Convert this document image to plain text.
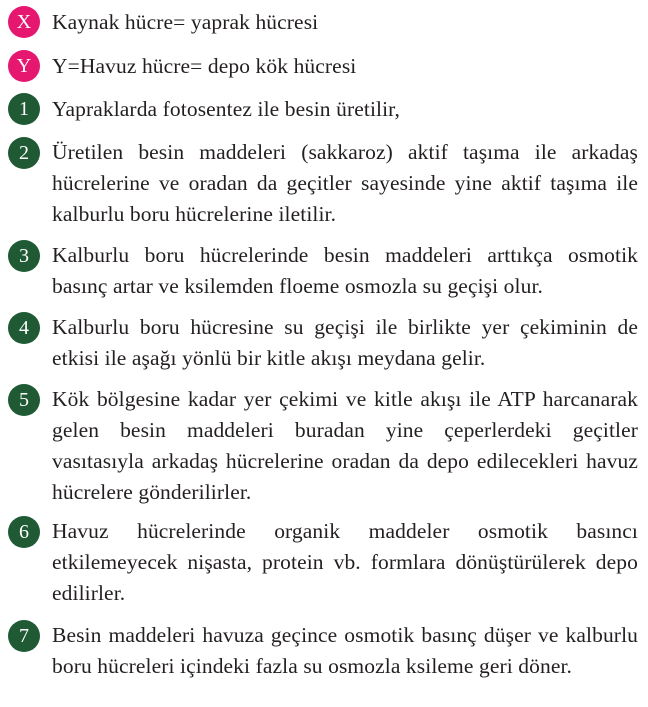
X Kaynak hücre= yaprak hücresi

Y Y=Havuz hücre= depo kök hücresi

1	Yapraklarda fotosentez ile besin üretilir,

2	Üretilen besin maddeleri (sakkaroz) aktif taşıma ile arkadaş hücrelerine ve oradan da geçitler sayesinde yine aktif taşıma ile kalburlu boru hücrelerine iletilir.

3	Kalburlu boru hücrelerinde besin maddeleri arttıkça osmotik basınç artar ve ksilemden floeme osmozla su geçişi olur.

4	Kalburlu boru hücresine su geçişi ile birlikte yer çekiminin de etkisi ile aşağı yönlü bir kitle akışı meydana gelir.

5	Kök bölgesine kadar yer çekimi ve kitle akışı ile ATP harcanarak gelen besin maddeleri buradan yine çeperlerdeki geçitler vasıtasıyla arkadaş hücrelerine oradan da depo edilecekleri havuz hücrelere gönderilirler.

6	Havuz hücrelerinde organik maddeler osmotik basıncı etkilemeyecek nişasta, protein vb. formlara dönüştürülerek depo edilirler.

7	Besin maddeleri havuza geçince osmotik basınç düşer ve kalburlu boru hücreleri içindeki fazla su osmozla ksileme geri döner.
